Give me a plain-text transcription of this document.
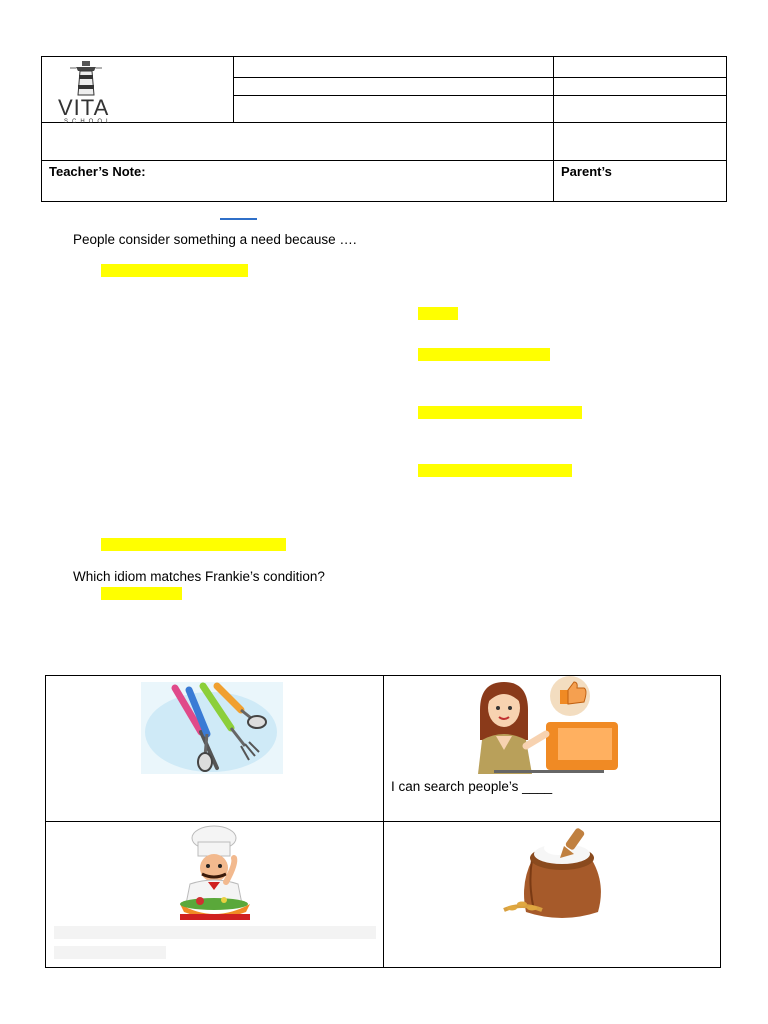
VITA
SCHOOL
Teacher’s Note:	Parent’s
People consider something a need because ….
Which idiom matches Frankie’s condition?
I can search people’s ____
